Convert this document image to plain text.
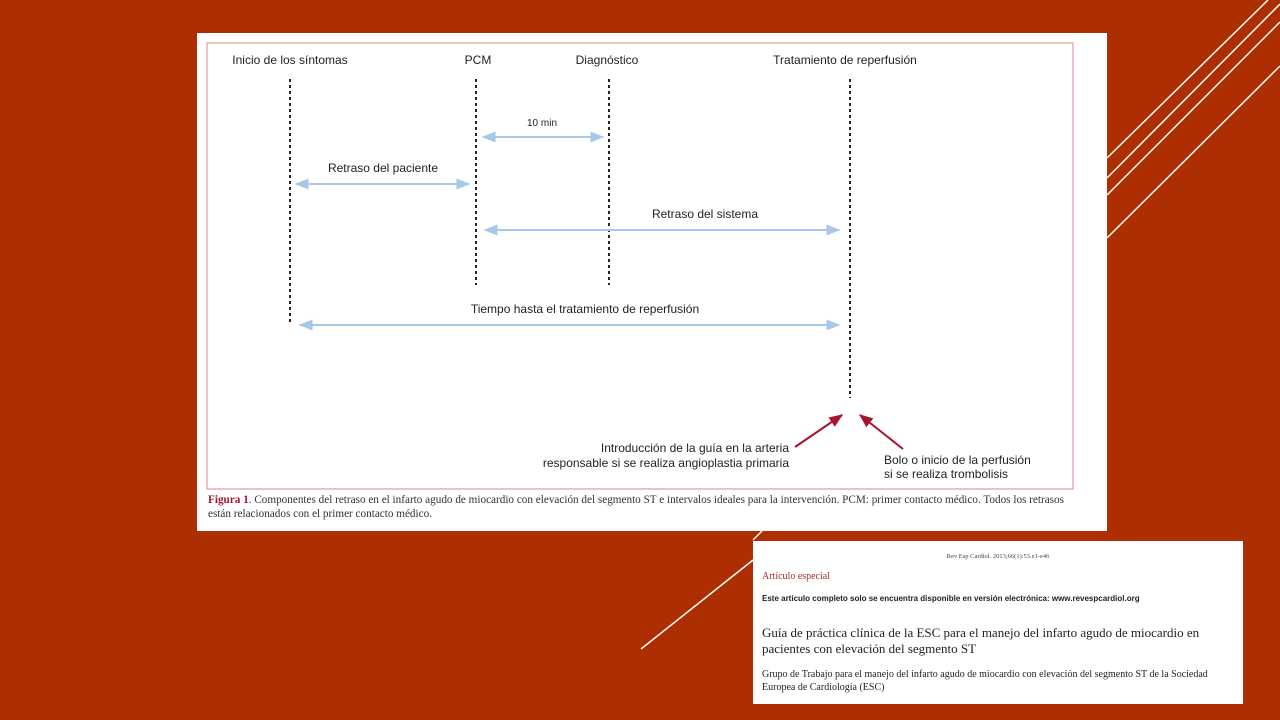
Inicio de los síntomas	PCM	Diagnóstico	Tratamiento de reperfusión
10 min
Retraso del paciente
Retraso del sistema
Tiempo hasta el tratamiento de reperfusión
Introducción de la guía en la arteria
responsable si se realiza angioplastia primaria	Bolo o inicio de la perfusión
si se realiza trombolisis
Figura 1. Componentes del retraso en el infarto agudo de miocardio con elevación del segmento ST e intervalos ideales para la intervención. PCM: primer contacto médico. Todos los retrasos están relacionados con el primer contacto médico.
Rev Esp Cardiol. 2013;66(1):53.e1-e46
Artículo especial
Este artículo completo solo se encuentra disponible en versión electrónica: www.revespcardiol.org
Guía de práctica clínica de la ESC para el manejo del infarto agudo de miocardio en pacientes con elevación del segmento ST
Grupo de Trabajo para el manejo del infarto agudo de miocardio con elevación del segmento ST de la Sociedad Europea de Cardiología (ESC)
